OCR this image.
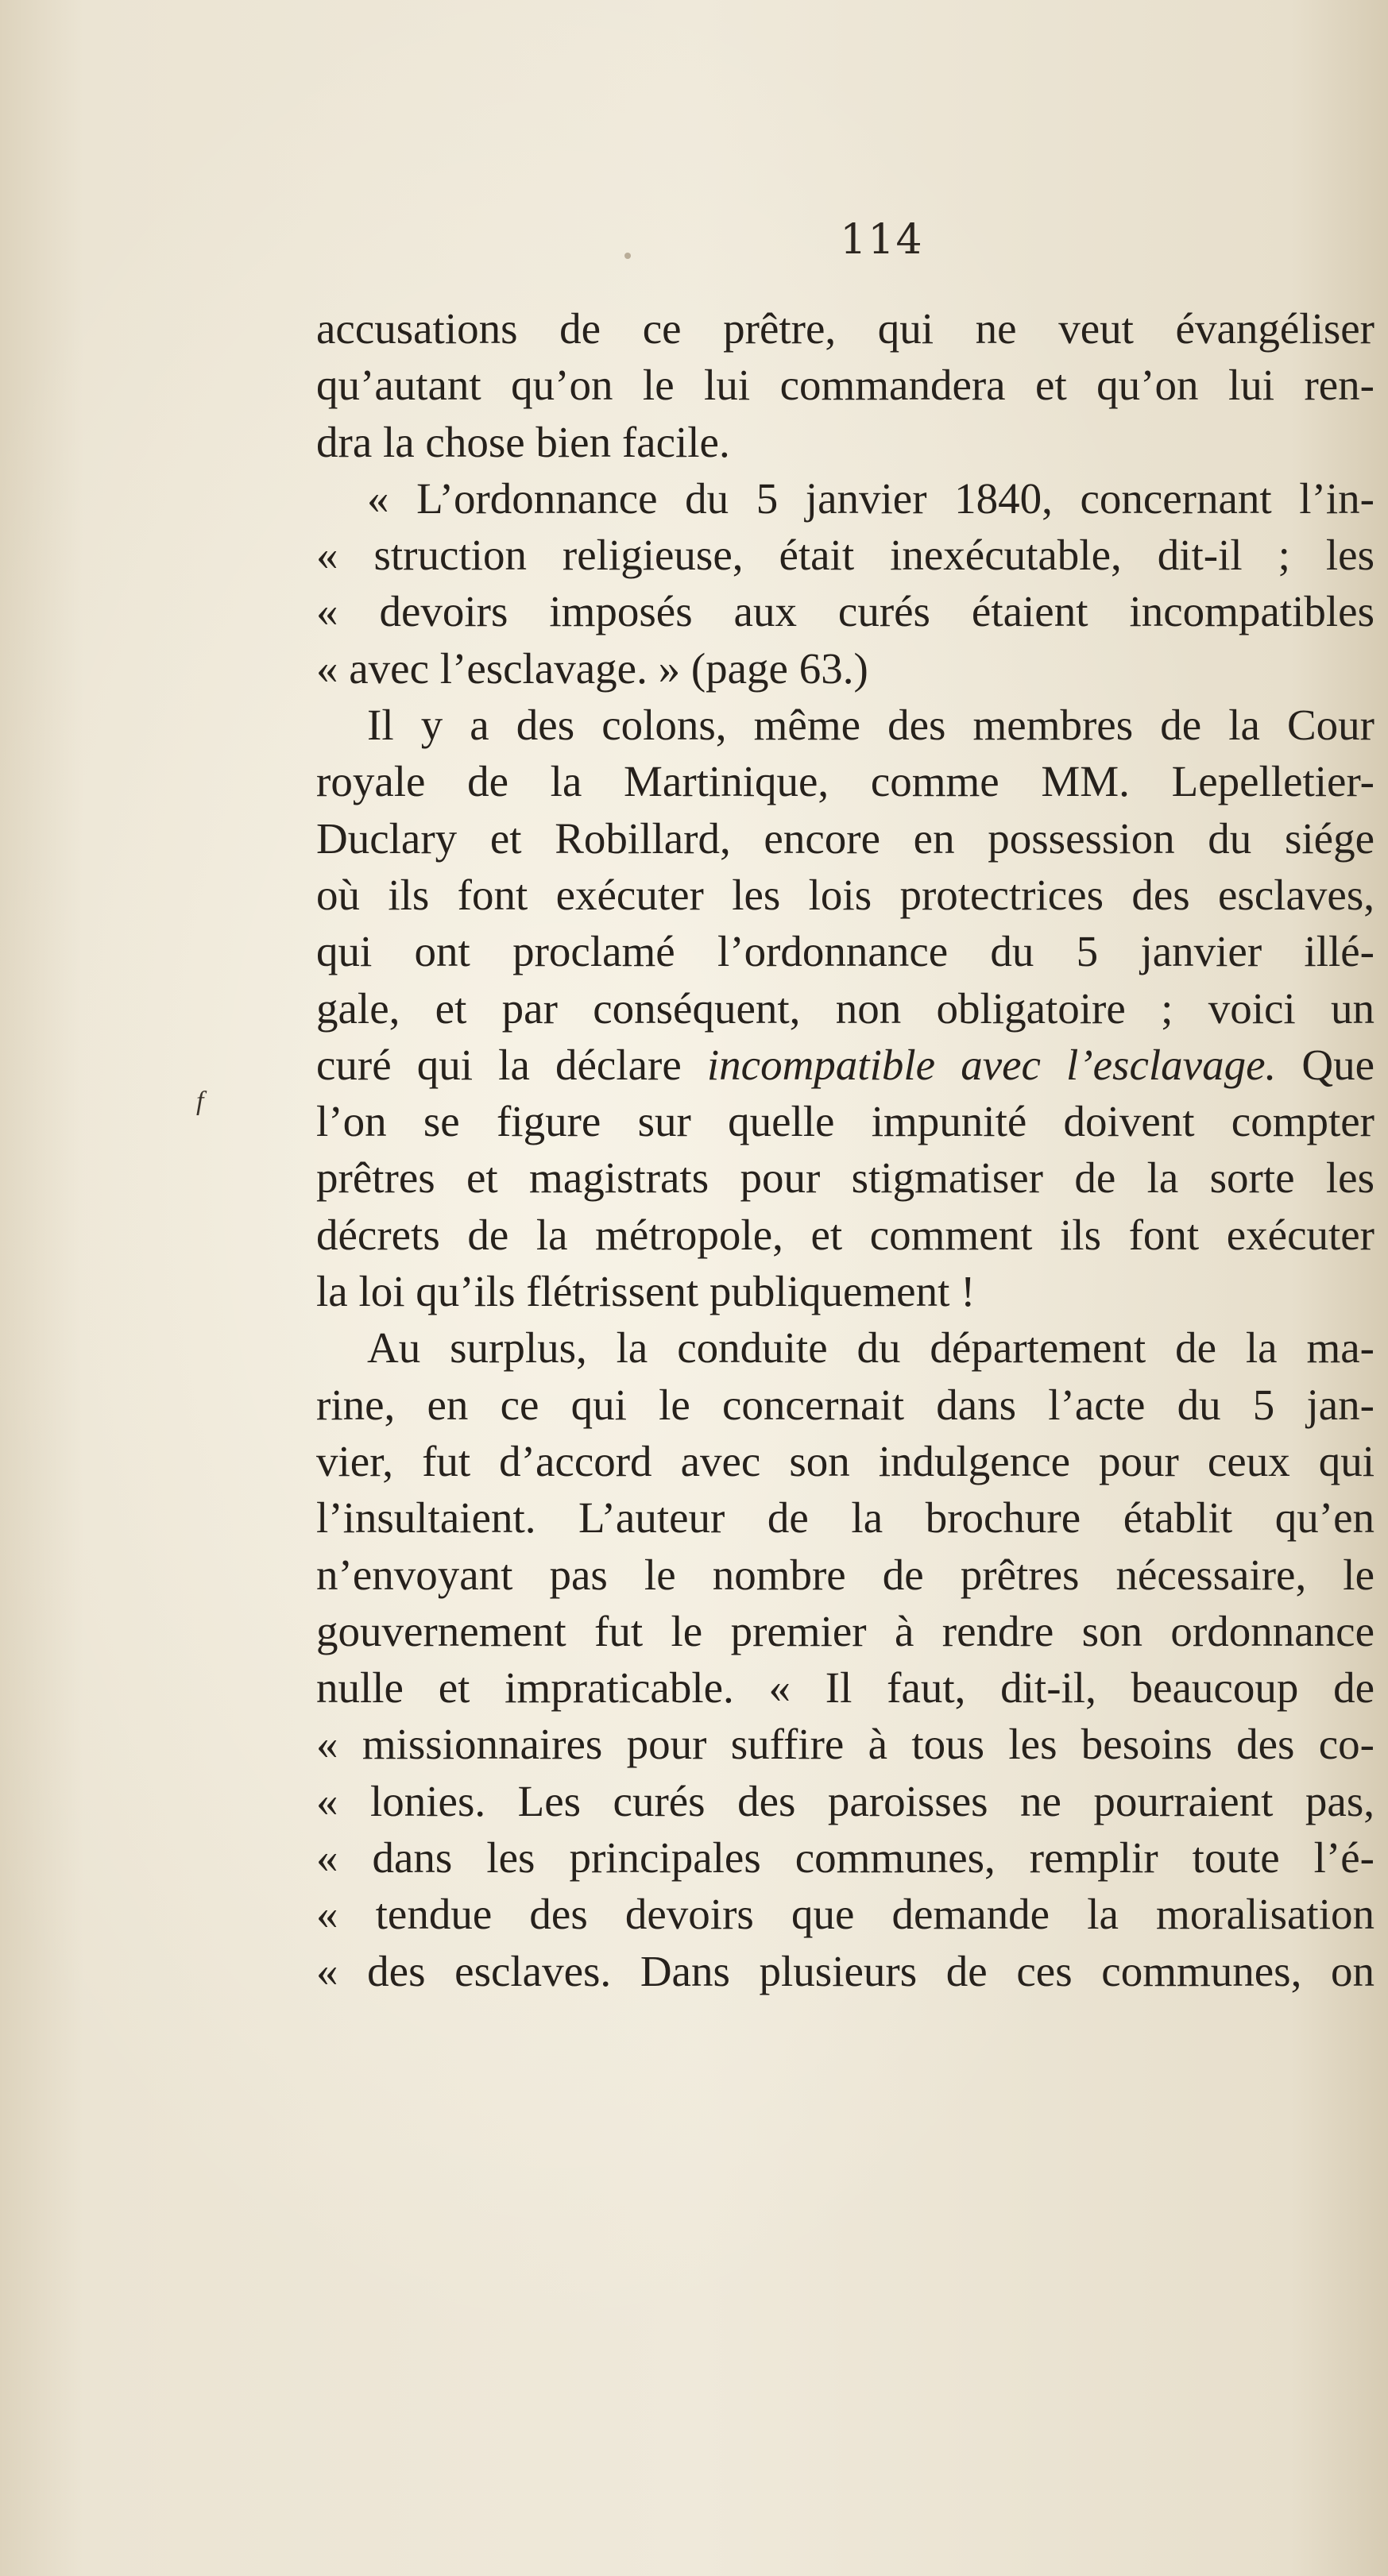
114
f
accusations de ce prêtre, qui ne veut évangéliser
qu’autant qu’on le lui commandera et qu’on lui ren-
dra la chose bien facile.
« L’ordonnance du 5 janvier 1840, concernant l’in-
« struction religieuse, était inexécutable, dit-il ; les
« devoirs imposés aux curés étaient incompatibles
« avec l’esclavage. » (page 63.)
Il y a des colons, même des membres de la Cour
royale de la Martinique, comme MM. Lepelletier-
Duclary et Robillard, encore en possession du siége
où ils font exécuter les lois protectrices des esclaves,
qui ont proclamé l’ordonnance du 5 janvier illé-
gale, et par conséquent, non obligatoire ; voici un
curé qui la déclare incompatible avec l’esclavage. Que
l’on se figure sur quelle impunité doivent compter
prêtres et magistrats pour stigmatiser de la sorte les
décrets de la métropole, et comment ils font exécuter
la loi qu’ils flétrissent publiquement !
Au surplus, la conduite du département de la ma-
rine, en ce qui le concernait dans l’acte du 5 jan-
vier, fut d’accord avec son indulgence pour ceux qui
l’insultaient. L’auteur de la brochure établit qu’en
n’envoyant pas le nombre de prêtres nécessaire, le
gouvernement fut le premier à rendre son ordonnance
nulle et impraticable. « Il faut, dit-il, beaucoup de
« missionnaires pour suffire à tous les besoins des co-
« lonies. Les curés des paroisses ne pourraient pas,
« dans les principales communes, remplir toute l’é-
« tendue des devoirs que demande la moralisation
« des esclaves. Dans plusieurs de ces communes, on
